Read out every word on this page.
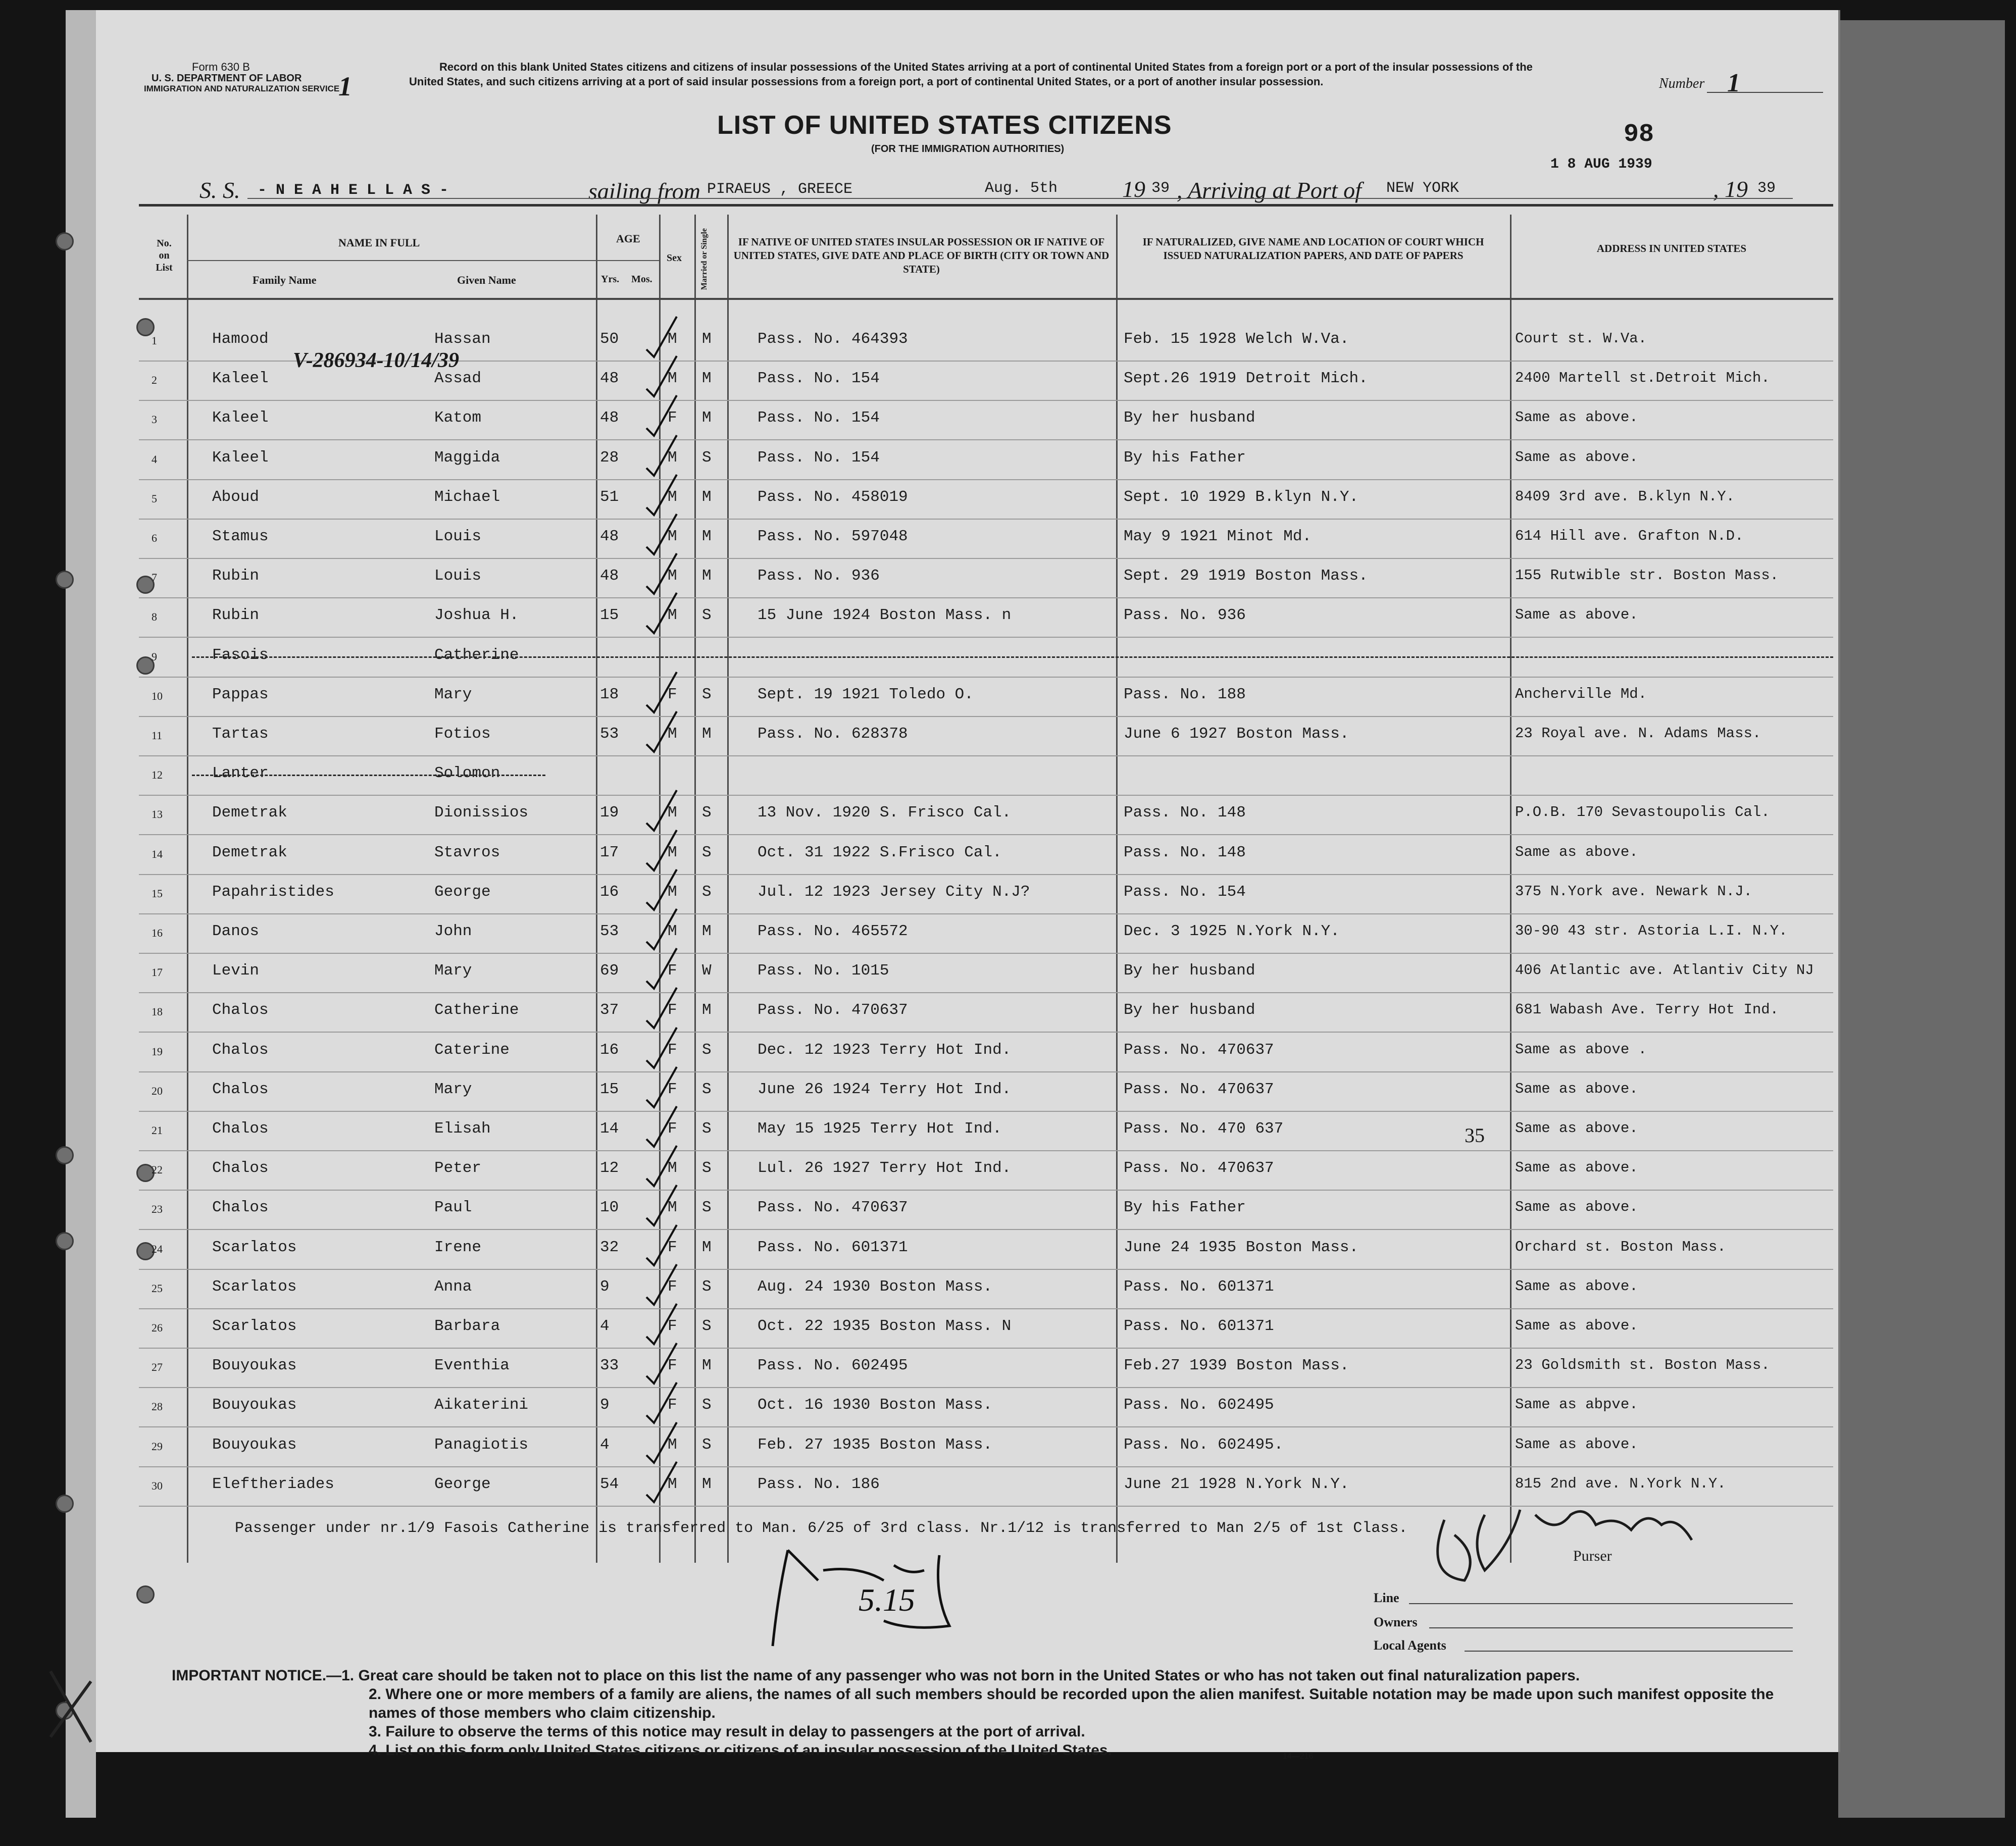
Form 630 B
U. S. DEPARTMENT OF LABOR
IMMIGRATION AND NATURALIZATION SERVICE
1
Record on this blank United States citizens and citizens of insular possessions of the United States arriving at a port of continental United States from a foreign port or a port of the insular possessions of the United States, and such citizens arriving at a port of said insular possessions from a foreign port, a port of continental United States, or a port of another insular possession.	Number 1
LIST OF UNITED STATES CITIZENS
(FOR THE IMMIGRATION AUTHORITIES)	98
1 8 AUG 1939
S. S. - N E A H E L L A S -	sailing from PIRAEUS , GREECE	Aug. 5th	19 39 , Arriving at Port of NEW YORK	, 19 39
No. on List
NAME IN FULL
Family Name	Given Name
AGE
Yrs. Mos.
Sex Married or Single	IF NATIVE OF UNITED STATES INSULAR POSSESSION OR IF NATIVE OF UNITED STATES, GIVE DATE AND PLACE OF BIRTH (CITY OR TOWN AND STATE)
IF NATURALIZED, GIVE NAME AND LOCATION OF COURT WHICH ISSUED NATURALIZATION PAPERS, AND DATE OF PAPERS
ADDRESS IN UNITED STATES
1	Hamood	Hassan	50	M M	Pass. No. 464393	Feb. 15 1928 Welch W.Va.	Court st. W.Va.
2	Kaleel	Assad	48	M M	Pass. No. 154	Sept.26 1919 Detroit Mich.	2400 Martell st.Detroit Mich.
3	Kaleel	Katom	48	F M	Pass. No. 154	By her husband	Same as above.
4	Kaleel	Maggida	28	M S	Pass. No. 154	By his Father	Same as above.
5	Aboud	Michael	51	M M	Pass. No. 458019	Sept. 10 1929 B.klyn N.Y.	8409 3rd ave. B.klyn N.Y.
6	Stamus	Louis	48	M M	Pass. No. 597048	May 9 1921 Minot Md.	614 Hill ave. Grafton N.D.
7	Rubin	Louis	48	M M	Pass. No. 936	Sept. 29 1919 Boston Mass.	155 Rutwible str. Boston Mass.
8	Rubin	Joshua H.	15	M S	15 June 1924 Boston Mass. n	Pass. No. 936	Same as above.
9	Fasois	Catherine
10	Pappas	Mary	18	F S	Sept. 19 1921 Toledo O.	Pass. No. 188	Ancherville Md.
11	Tartas	Fotios	53	M M	Pass. No. 628378	June 6 1927 Boston Mass.	23 Royal ave. N. Adams Mass.
12	Lanter	Solomon
13	Demetrak	Dionissios	19	M S	13 Nov. 1920 S. Frisco Cal.	Pass. No. 148	P.O.B. 170 Sevastoupolis Cal.
14	Demetrak	Stavros	17	M S	Oct. 31 1922 S.Frisco Cal.	Pass. No. 148	Same as above.
15	Papahristides	George	16	M S	Jul. 12 1923 Jersey City N.J?	Pass. No. 154	375 N.York ave. Newark N.J.
16	Danos	John	53	M M	Pass. No. 465572	Dec. 3 1925 N.York N.Y.	30-90 43 str. Astoria L.I. N.Y.
17	Levin	Mary	69	F W	Pass. No. 1015	By her husband	406 Atlantic ave. Atlantiv City NJ
18	Chalos	Catherine	37	F M	Pass. No. 470637	By her husband	681 Wabash Ave. Terry Hot Ind.
19	Chalos	Caterine	16	F S	Dec. 12 1923 Terry Hot Ind.	Pass. No. 470637	Same as above .
20	Chalos	Mary	15	F S	June 26 1924 Terry Hot Ind.	Pass. No. 470637	Same as above.
21	Chalos	Elisah	14	F S	May 15 1925 Terry Hot Ind.	Pass. No. 470 637	Same as above.
22	Chalos	Peter	12	M S	Lul. 26 1927 Terry Hot Ind.	Pass. No. 470637	Same as above.
23	Chalos	Paul	10	M S	Pass. No. 470637	By his Father	Same as above.
24	Scarlatos	Irene	32	F M	Pass. No. 601371	June 24 1935 Boston Mass.	Orchard st. Boston Mass.
25	Scarlatos	Anna	9	F S	Aug. 24 1930 Boston Mass.	Pass. No. 601371	Same as above.
26	Scarlatos	Barbara	4	F S	Oct. 22 1935 Boston Mass. N	Pass. No. 601371	Same as above.
27	Bouyoukas	Eventhia	33	F M	Pass. No. 602495	Feb.27 1939 Boston Mass.	23 Goldsmith st. Boston Mass.
28	Bouyoukas	Aikaterini	9	F S	Oct. 16 1930 Boston Mass.	Pass. No. 602495	Same as abpve.
29	Bouyoukas	Panagiotis	4	M S	Feb. 27 1935 Boston Mass.	Pass. No. 602495.	Same as above.
30	Eleftheriades	George	54	M M	Pass. No. 186	June 21 1928 N.York N.Y.	815 2nd ave. N.York N.Y.
V-286934-10/14/39
35
Passenger under nr.1/9 Fasois Catherine is transferred to Man. 6/25 of 3rd class. Nr.1/12 is transferred to Man 2/5 of 1st Class.
Purser
5.15	Line
Owners
Local Agents
IMPORTANT NOTICE.—1. Great care should be taken not to place on this list the name of any passenger who was not born in the United States or who has not taken out final naturalization papers.
2. Where one or more members of a family are aliens, the names of all such members should be recorded upon the alien manifest. Suitable notation may be made upon such manifest opposite the names of those members who claim citizenship.
3. Failure to observe the terms of this notice may result in delay to passengers at the port of arrival.
4. List on this form only United States citizens or citizens of an insular possession of the United States.	14—216
